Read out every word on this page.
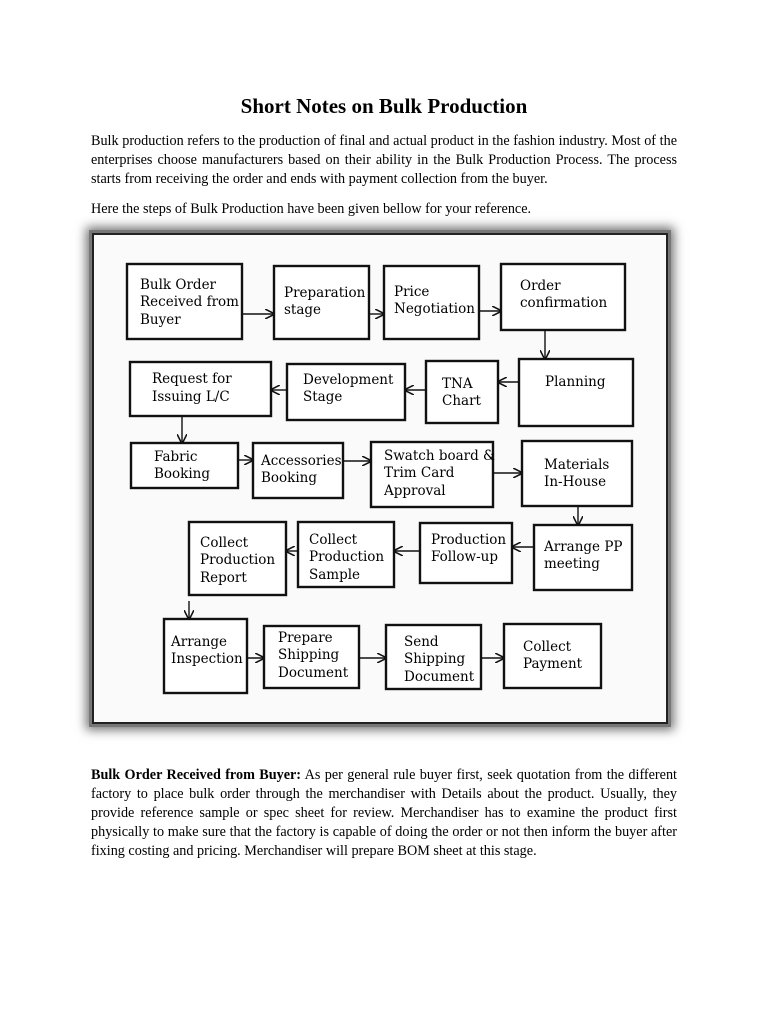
Short Notes on Bulk Production

Bulk production refers to the production of final and actual product in the fashion industry. Most of the enterprises choose manufacturers based on their ability in the Bulk Production Process. The process starts from receiving the order and ends with payment collection from the buyer.

Here the steps of Bulk Production have been given bellow for your reference.

Bulk Order Received from Buyer
Preparation stage
Price Negotiation
Order confirmation
Request for Issuing L/C
Development Stage
TNA Chart
Planning
Fabric Booking
Accessories Booking
Swatch board & Trim Card Approval
Materials In-House
Collect Production Report
Collect Production Sample
Production Follow-up
Arrange PP meeting
Arrange Inspection
Prepare Shipping Document
Send Shipping Document
Collect Payment

Bulk Order Received from Buyer: As per general rule buyer first, seek quotation from the different factory to place bulk order through the merchandiser with Details about the product. Usually, they provide reference sample or spec sheet for review. Merchandiser has to examine the product first physically to make sure that the factory is capable of doing the order or not then inform the buyer after fixing costing and pricing. Merchandiser will prepare BOM sheet at this stage.
